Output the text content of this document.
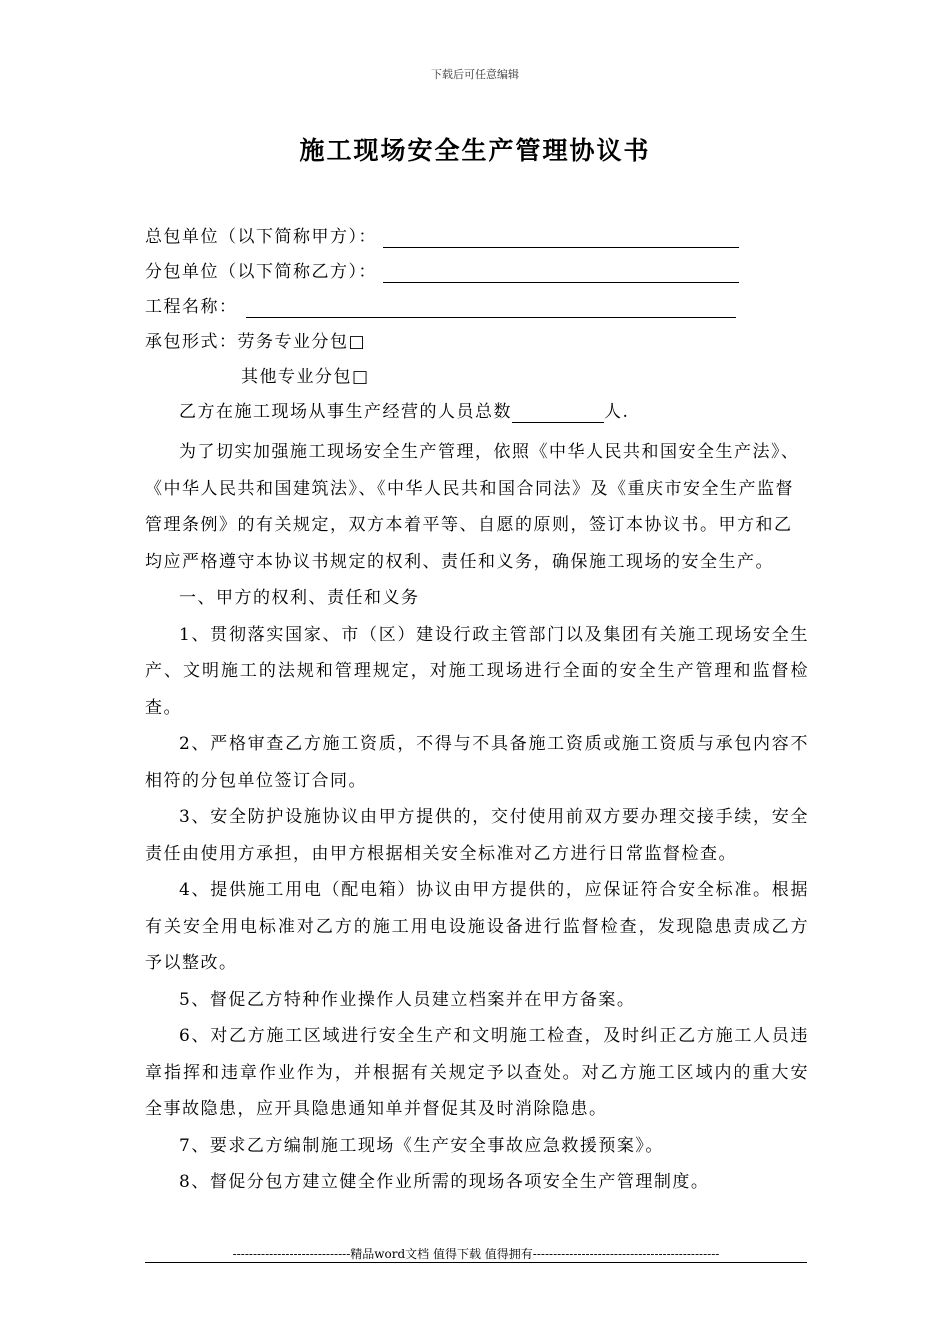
下载后可任意编辑
施工现场安全生产管理协议书
总包单位（以下简称甲方）：
分包单位（以下简称乙方）：
工程名称：
承包形式：劳务专业分包□
其他专业分包□
乙方在施工现场从事生产经营的人员总数	人.
为了切实加强施工现场安全生产管理，依照《中华人民共和国安全生产法》、《中华人民共和国建筑法》、《中华人民共和国合同法》及《重庆市安全生产监督管理条例》的有关规定，双方本着平等、自愿的原则，签订本协议书。甲方和乙均应严格遵守本协议书规定的权利、责任和义务，确保施工现场的安全生产。
一、甲方的权利、责任和义务
1、贯彻落实国家、市（区）建设行政主管部门以及集团有关施工现场安全生产、文明施工的法规和管理规定，对施工现场进行全面的安全生产管理和监督检查。
2、严格审查乙方施工资质，不得与不具备施工资质或施工资质与承包内容不相符的分包单位签订合同。
3、安全防护设施协议由甲方提供的，交付使用前双方要办理交接手续，安全责任由使用方承担，由甲方根据相关安全标准对乙方进行日常监督检查。
4、提供施工用电（配电箱）协议由甲方提供的，应保证符合安全标准。根据有关安全用电标准对乙方的施工用电设施设备进行监督检查，发现隐患责成乙方予以整改。
5、督促乙方特种作业操作人员建立档案并在甲方备案。
6、对乙方施工区域进行安全生产和文明施工检查，及时纠正乙方施工人员违章指挥和违章作业作为，并根据有关规定予以查处。对乙方施工区域内的重大安全事故隐患，应开具隐患通知单并督促其及时消除隐患。
7、要求乙方编制施工现场《生产安全事故应急救援预案》。
8、督促分包方建立健全作业所需的现场各项安全生产管理制度。
-----------------------------精品word文档 值得下载 值得拥有----------------------------------------------
